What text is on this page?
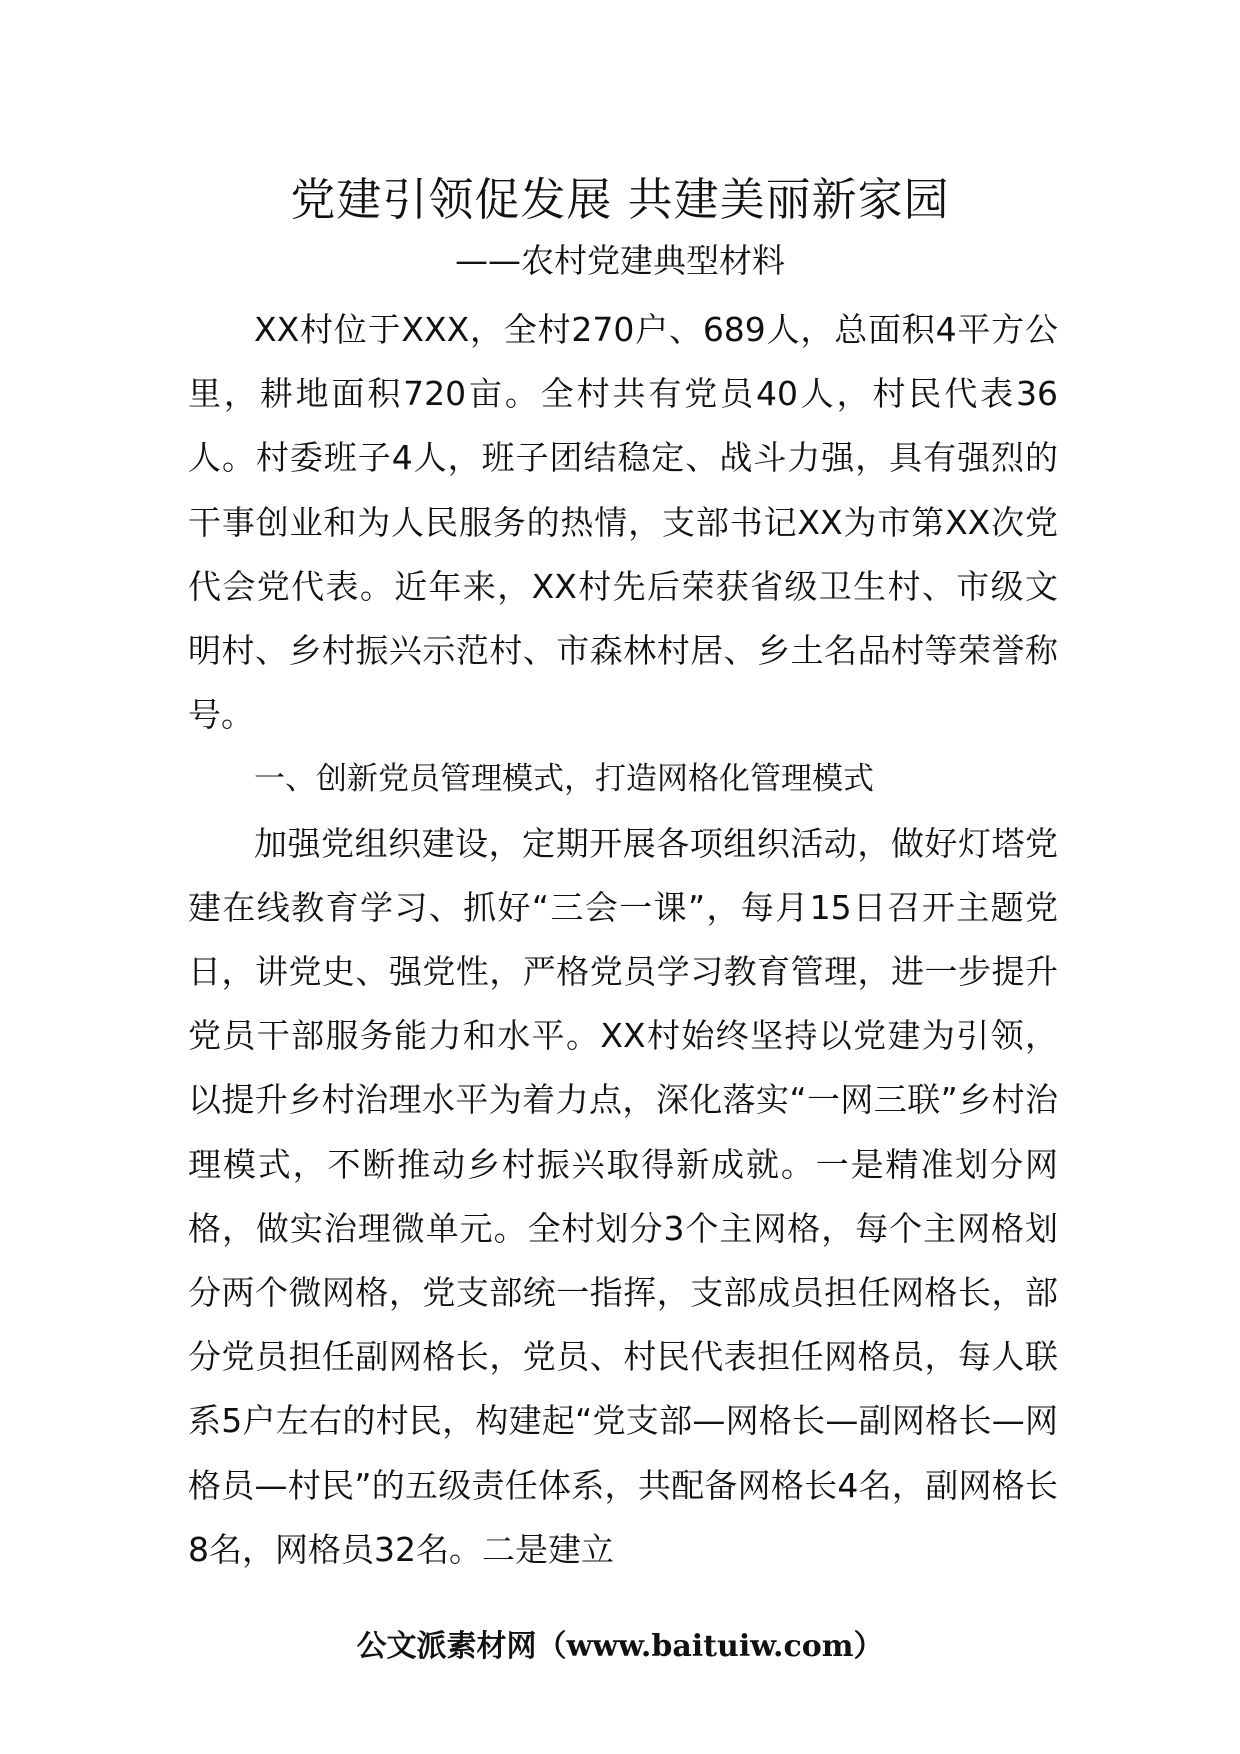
党建引领促发展 共建美丽新家园
——农村党建典型材料

XX村位于XXX，全村270户、689人，总面积4平方公里，耕地面积720亩。全村共有党员40人，村民代表36人。村委班子4人，班子团结稳定、战斗力强，具有强烈的干事创业和为人民服务的热情，支部书记XX为市第XX次党代会党代表。近年来，XX村先后荣获省级卫生村、市级文明村、乡村振兴示范村、市森林村居、乡土名品村等荣誉称号。

一、创新党员管理模式，打造网格化管理模式

加强党组织建设，定期开展各项组织活动，做好灯塔党建在线教育学习、抓好“三会一课”，每月15日召开主题党日，讲党史、强党性，严格党员学习教育管理，进一步提升党员干部服务能力和水平。XX村始终坚持以党建为引领，以提升乡村治理水平为着力点，深化落实“一网三联”乡村治理模式，不断推动乡村振兴取得新成就。一是精准划分网格，做实治理微单元。全村划分3个主网格，每个主网格划分两个微网格，党支部统一指挥，支部成员担任网格长，部分党员担任副网格长，党员、村民代表担任网格员，每人联系5户左右的村民，构建起“党支部—网格长—副网格长—网格员—村民”的五级责任体系，共配备网格长4名，副网格长8名，网格员32名。二是建立

公文派素材网（www.baituiw.com）
